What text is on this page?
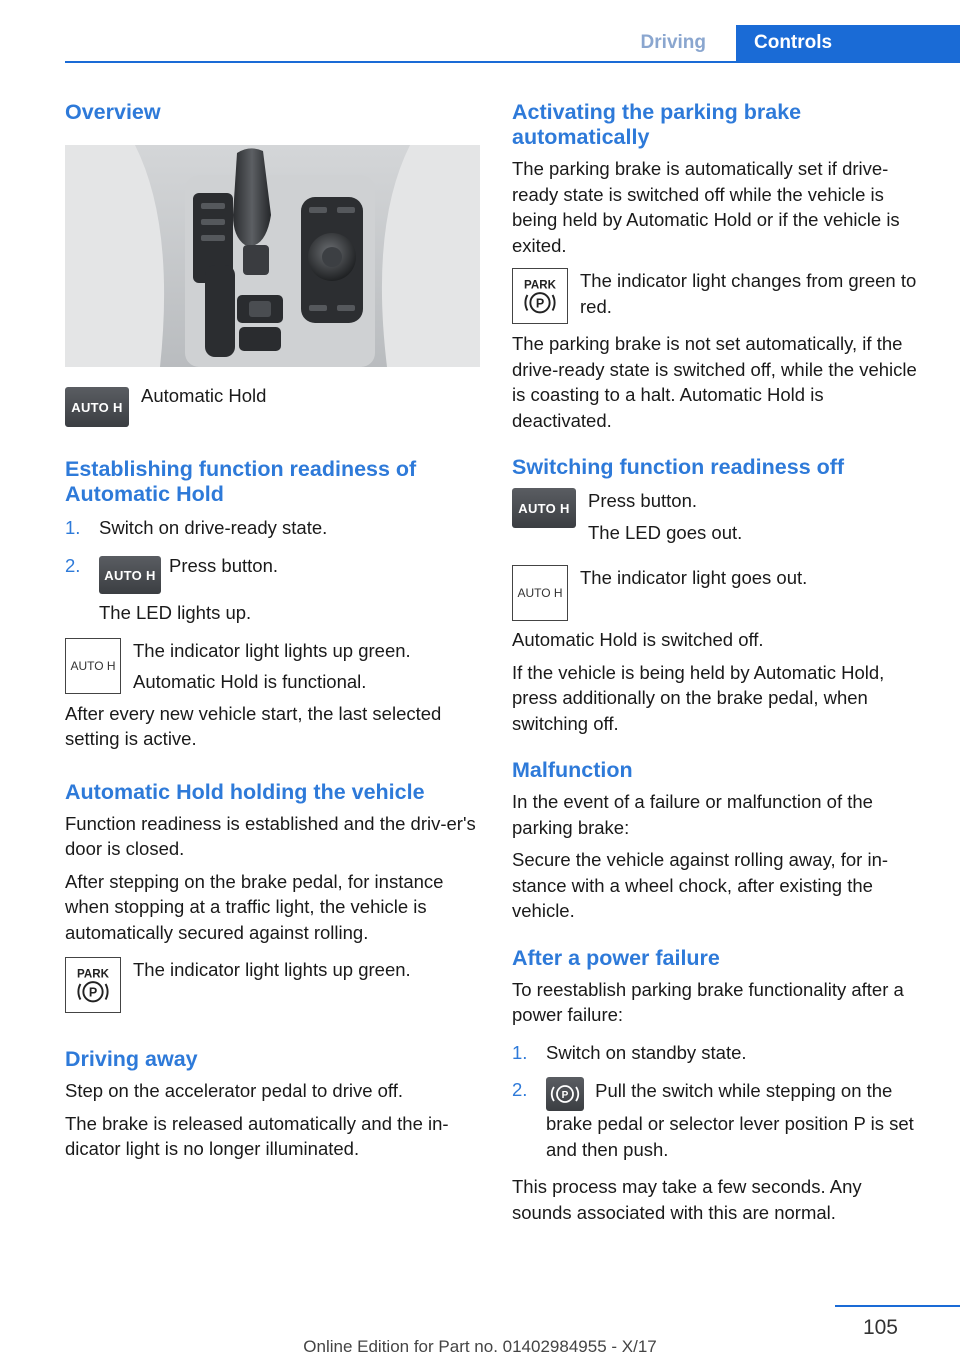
Driving	Controls
Overview
AUTO H

Automatic Hold

Establishing function readiness of Automatic Hold
1. Switch on drive-ready state.
2. AUTO H Press button.
The LED lights up.
AUTO H

The indicator light lights up green.

Automatic Hold is functional.

After every new vehicle start, the last selected setting is active.

Automatic Hold holding the vehicle

Function readiness is established and the driv‐er's door is closed.

After stepping on the brake pedal, for instance when stopping at a traffic light, the vehicle is automatically secured against rolling.

PARK
P

The indicator light lights up green.

Driving away

Step on the accelerator pedal to drive off.

The brake is released automatically and the in‐dicator light is no longer illuminated.

Activating the parking brake automatically

The parking brake is automatically set if drive-ready state is switched off while the vehicle is being held by Automatic Hold or if the vehicle is exited.

PARK
P

The indicator light changes from green to red.

The parking brake is not set automatically, if the drive-ready state is switched off, while the vehicle is coasting to a halt. Automatic Hold is deactivated.

Switching function readiness off
AUTO H Press button.

The LED goes out.

AUTO H

The indicator light goes out.

Automatic Hold is switched off.

If the vehicle is being held by Automatic Hold, press additionally on the brake pedal, when switching off.

Malfunction

In the event of a failure or malfunction of the parking brake:

Secure the vehicle against rolling away, for in‐stance with a wheel chock, after existing the vehicle.

After a power failure

To reestablish parking brake functionality after a power failure:

1. Switch on standby state.
2.	P Pull the switch while stepping on the brake pedal or selector lever position P is set and then push.

This process may take a few seconds. Any sounds associated with this are normal.

105
Online Edition for Part no. 01402984955 - X/17
